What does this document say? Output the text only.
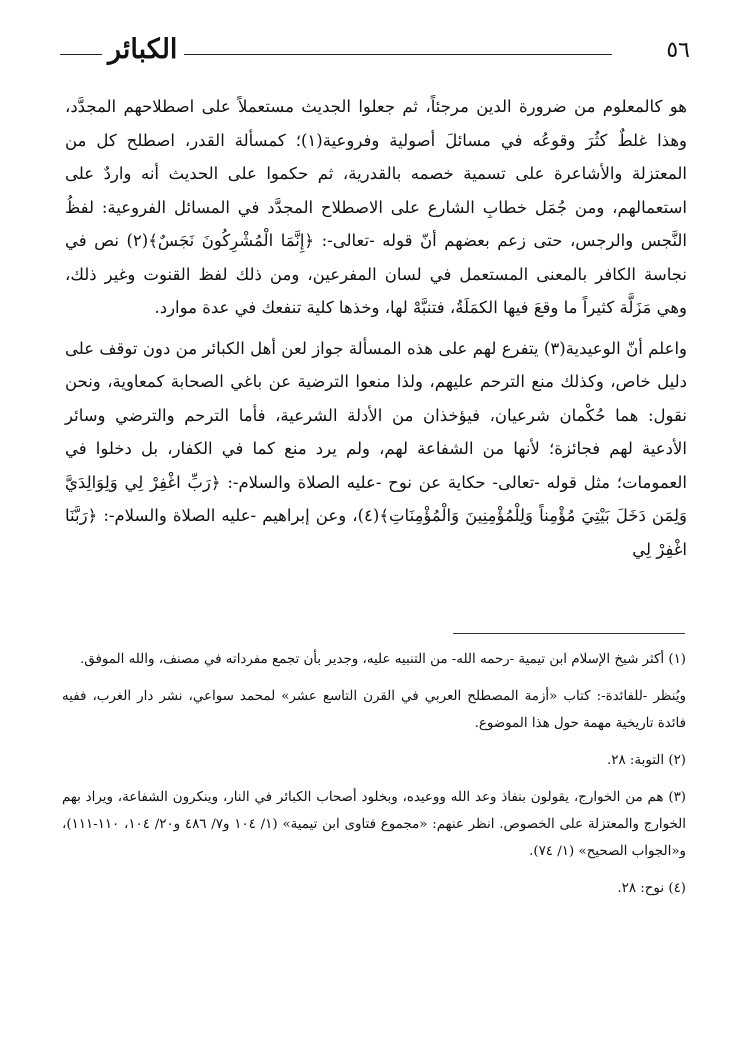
٥٦
الكبائر

هو كالمعلوم من ضرورة الدين مرجئاً، ثم جعلوا الجديث مستعملاً على اصطلاحهم المجدَّد، وهذا غلطٌ كثُرَ وقوعُه في مسائلَ أصولية وفروعية(١)؛ كمسألة القدر، اصطلح كل من المعتزلة والأشاعرة على تسمية خصمه بالقدرية، ثم حكموا على الحديث أنه واردٌ على استعمالهم، ومن جُمَل خطابِ الشارع على الاصطلاح المجدَّد في المسائل الفروعية: لفظُ النَّجس والرجس، حتى زعم بعضهم أنّ قوله -تعالى-: ﴿إِنَّمَا الْمُشْرِكُونَ نَجَسٌ﴾(٢) نص في نجاسة الكافر بالمعنى المستعمل في لسان المفرعين، ومن ذلك لفظ القنوت وغير ذلك، وهي مَزَلَّة كثيراً ما وقعَ فيها الكمَلَةُ، فتنبَّهْ لها، وخذها كلية تنفعك في عدة موارد.

واعلم أنّ الوعيدية(٣) يتفرع لهم على هذه المسألة جواز لعن أهل الكبائر من دون توقف على دليل خاص، وكذلك منع الترحم عليهم، ولذا منعوا الترضية عن باغي الصحابة كمعاوية، ونحن نقول: هما حُكْمان شرعيان، فيؤخذان من الأدلة الشرعية، فأما الترحم والترضي وسائر الأدعية لهم فجائزة؛ لأنها من الشفاعة لهم، ولم يرد منع كما في الكفار، بل دخلوا في العمومات؛ مثل قوله -تعالى- حكاية عن نوح -عليه الصلاة والسلام-: ﴿رَبِّ اغْفِرْ لِي وَلِوَالِدَيَّ وَلِمَن دَخَلَ بَيْتِيَ مُؤْمِناً وَلِلْمُؤْمِنِينَ وَالْمُؤْمِنَاتِ﴾(٤)، وعن إبراهيم -عليه الصلاة والسلام-: ﴿رَبَّنَا اغْفِرْ لِي

(١) أكثر شيخ الإسلام ابن تيمية -رحمه الله- من التنبيه عليه، وجدير بأن تجمع مفرداته في مصنف، والله الموفق.

ويُنظر -للفائدة-: كتاب «أزمة المصطلح العربي في القرن التاسع عشر» لمحمد سواعي، نشر دار الغرب، ففيه فائدة تاريخية مهمة حول هذا الموضوع.

(٢) التوبة: ٢٨.

(٣) هم من الخوارج، يقولون بنفاذ وعد الله ووعيده، وبخلود أصحاب الكبائر في النار، وينكرون الشفاعة، ويراد بهم الخوارج والمعتزلة على الخصوص. انظر عنهم: «مجموع فتاوى ابن تيمية» (١/ ١٠٤ و٧/ ٤٨٦ و٢٠/ ١٠٤، ١١٠-١١١)، و«الجواب الصحيح» (١/ ٧٤).

(٤) نوح: ٢٨.
